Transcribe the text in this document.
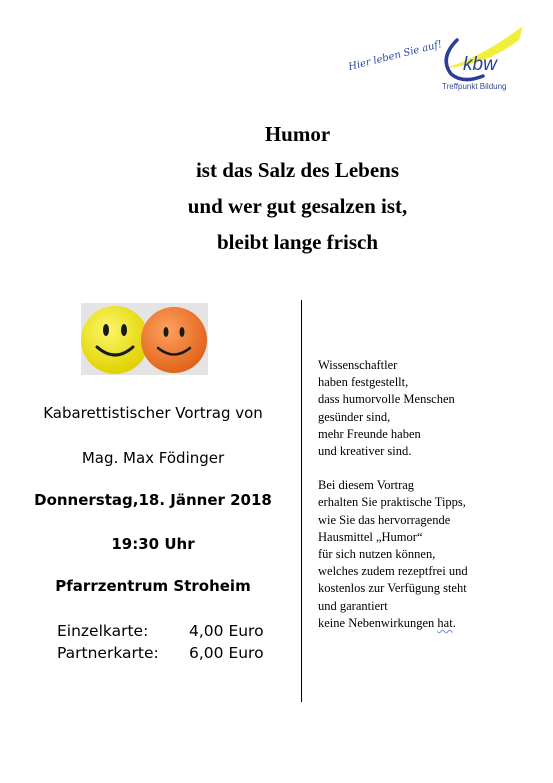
kbw
Hier leben Sie auf!
Treffpunkt Bildung
Humor
ist das Salz des Lebens
und wer gut gesalzen ist,
bleibt lange frisch
Kabarettistischer Vortrag von
Mag. Max Födinger
Donnerstag,18. Jänner 2018
19:30 Uhr
Pfarrzentrum Stroheim
Einzelkarte:	4,00 Euro
Partnerkarte:	6,00 Euro
Wissenschaftler
haben festgestellt,
dass humorvolle Menschen
gesünder sind,
mehr Freunde haben
und kreativer sind.
Bei diesem Vortrag
erhalten Sie praktische Tipps,
wie Sie das hervorragende
Hausmittel „Humor“
für sich nutzen können,
welches zudem rezeptfrei und
kostenlos zur Verfügung steht
und garantiert
keine Nebenwirkungen hat.
